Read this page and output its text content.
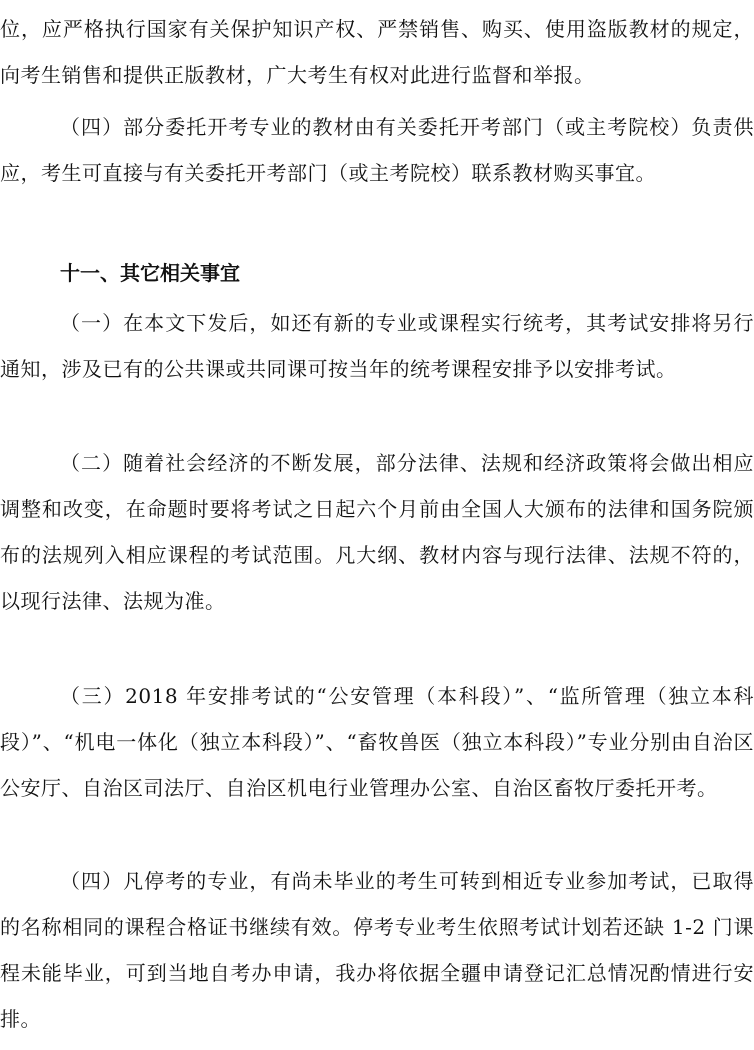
位，应严格执行国家有关保护知识产权、严禁销售、购买、使用盗版教材的规定，向考生销售和提供正版教材，广大考生有权对此进行监督和举报。

（四）部分委托开考专业的教材由有关委托开考部门（或主考院校）负责供应，考生可直接与有关委托开考部门（或主考院校）联系教材购买事宜。

十一、其它相关事宜

（一）在本文下发后，如还有新的专业或课程实行统考，其考试安排将另行通知，涉及已有的公共课或共同课可按当年的统考课程安排予以安排考试。

（二）随着社会经济的不断发展，部分法律、法规和经济政策将会做出相应调整和改变，在命题时要将考试之日起六个月前由全国人大颁布的法律和国务院颁布的法规列入相应课程的考试范围。凡大纲、教材内容与现行法律、法规不符的，以现行法律、法规为准。

（三）2018 年安排考试的“公安管理（本科段）”、“监所管理（独立本科段）”、“机电一体化（独立本科段）”、“畜牧兽医（独立本科段）”专业分别由自治区公安厅、自治区司法厅、自治区机电行业管理办公室、自治区畜牧厅委托开考。

（四）凡停考的专业，有尚未毕业的考生可转到相近专业参加考试，已取得的名称相同的课程合格证书继续有效。停考专业考生依照考试计划若还缺 1-2 门课程未能毕业，可到当地自考办申请，我办将依据全疆申请登记汇总情况酌情进行安排。
